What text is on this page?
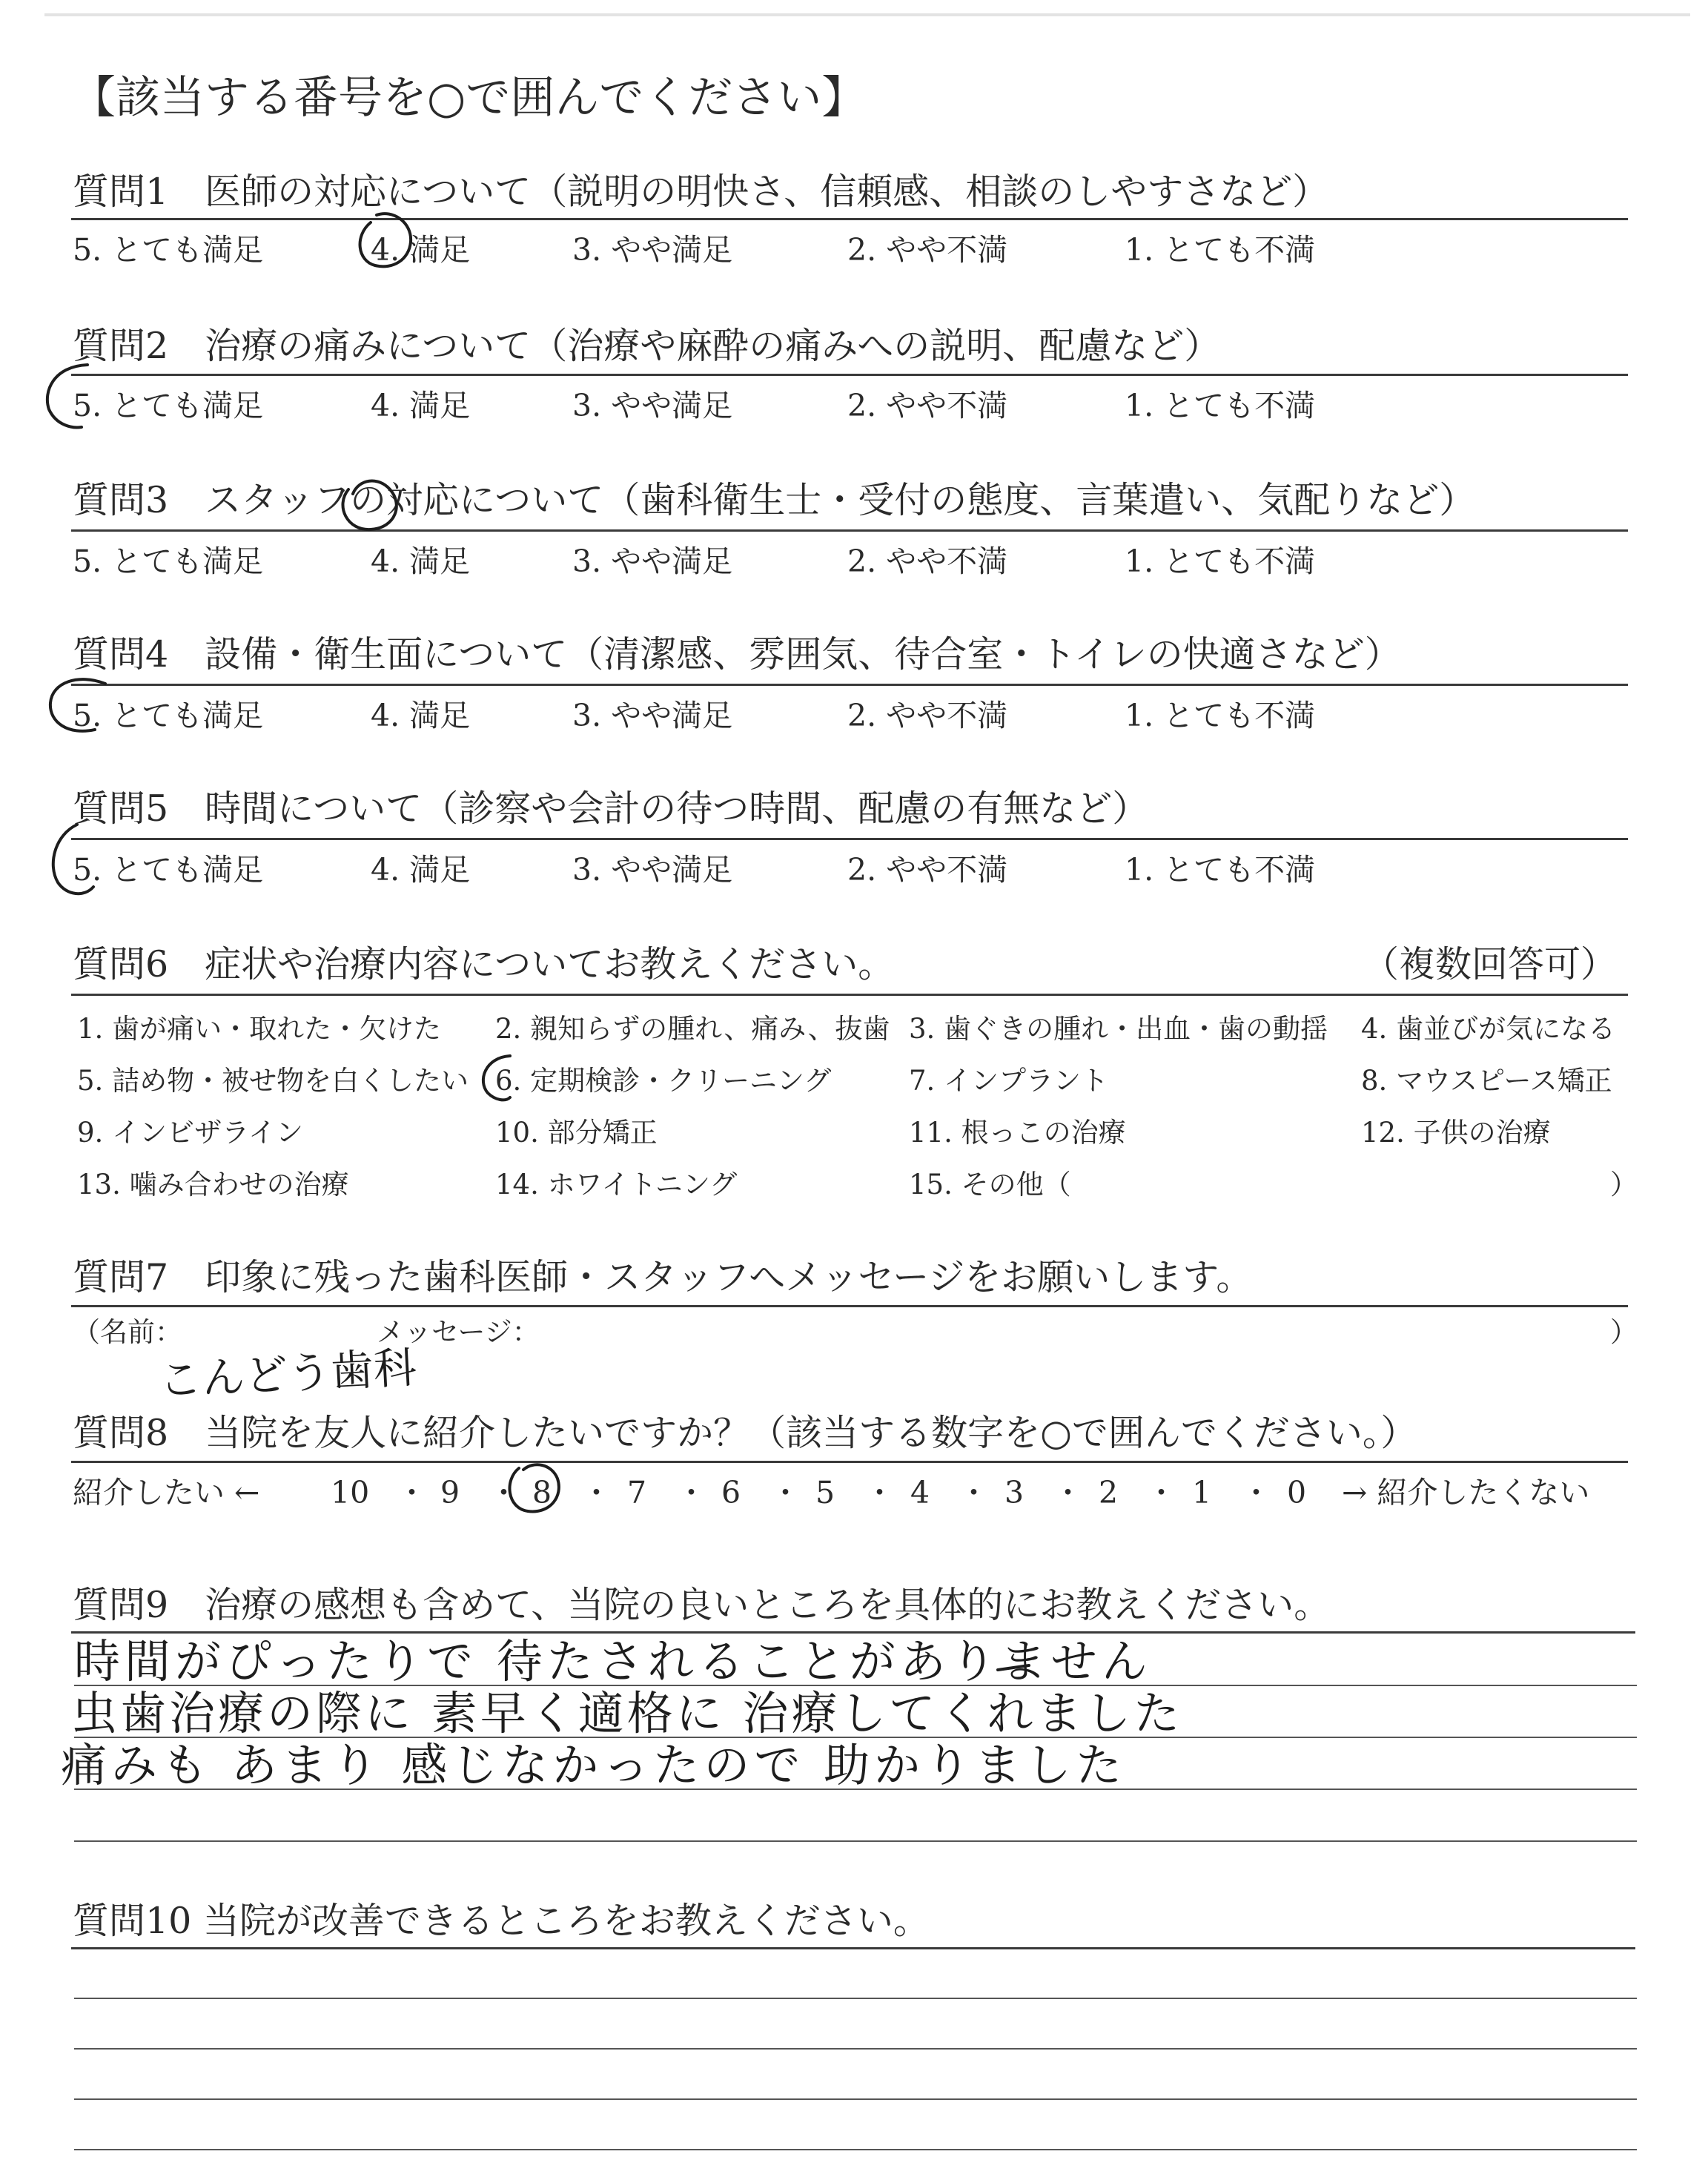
【該当する番号を○で囲んでください】
質問1　医師の対応について（説明の明快さ、信頼感、相談のしやすさなど）
5. とても満足	4. 満足	3. やや満足	2. やや不満	1. とても不満
質問2　治療の痛みについて（治療や麻酔の痛みへの説明、配慮など）
5. とても満足	4. 満足	3. やや満足	2. やや不満	1. とても不満
質問3　スタッフの対応について（歯科衛生士・受付の態度、言葉遣い、気配りなど）
5. とても満足	4. 満足	3. やや満足	2. やや不満	1. とても不満
質問4　設備・衛生面について（清潔感、雰囲気、待合室・トイレの快適さなど）
5. とても満足	4. 満足	3. やや満足	2. やや不満	1. とても不満
質問5　時間について（診察や会計の待つ時間、配慮の有無など）
5. とても満足	4. 満足	3. やや満足	2. やや不満	1. とても不満
質問6　症状や治療内容についてお教えください。	（複数回答可）
1. 歯が痛い・取れた・欠けた 2. 親知らずの腫れ、痛み、抜歯 3. 歯ぐきの腫れ・出血・歯の動揺 4. 歯並びが気になる
5. 詰め物・被せ物を白くしたい 6. 定期検診・クリーニング	7. インプラント	8. マウスピース矯正
9. インビザライン	10. 部分矯正	11. 根っこの治療	12. 子供の治療
13. 噛み合わせの治療	14. ホワイトニング	15. その他（	）
質問7　印象に残った歯科医師・スタッフへメッセージをお願いします。
（名前：	メッセージ：	）
こんどう歯科
質問8　当院を友人に紹介したいですか？（該当する数字を○で囲んでください。）
紹介したい ← 10 ・ 9 ・ 8 ・ 7 ・ 6 ・ 5 ・ 4 ・ 3 ・ 2 ・ 1 ・ 0 → 紹介したくない
質問9　治療の感想も含めて、当院の良いところを具体的にお教えください。
時間がぴったりで 待たされることがありません
虫歯治療の際に 素早く適格に 治療してくれました
痛みも あまり 感じなかったので 助かりました
質問10 当院が改善できるところをお教えください。
